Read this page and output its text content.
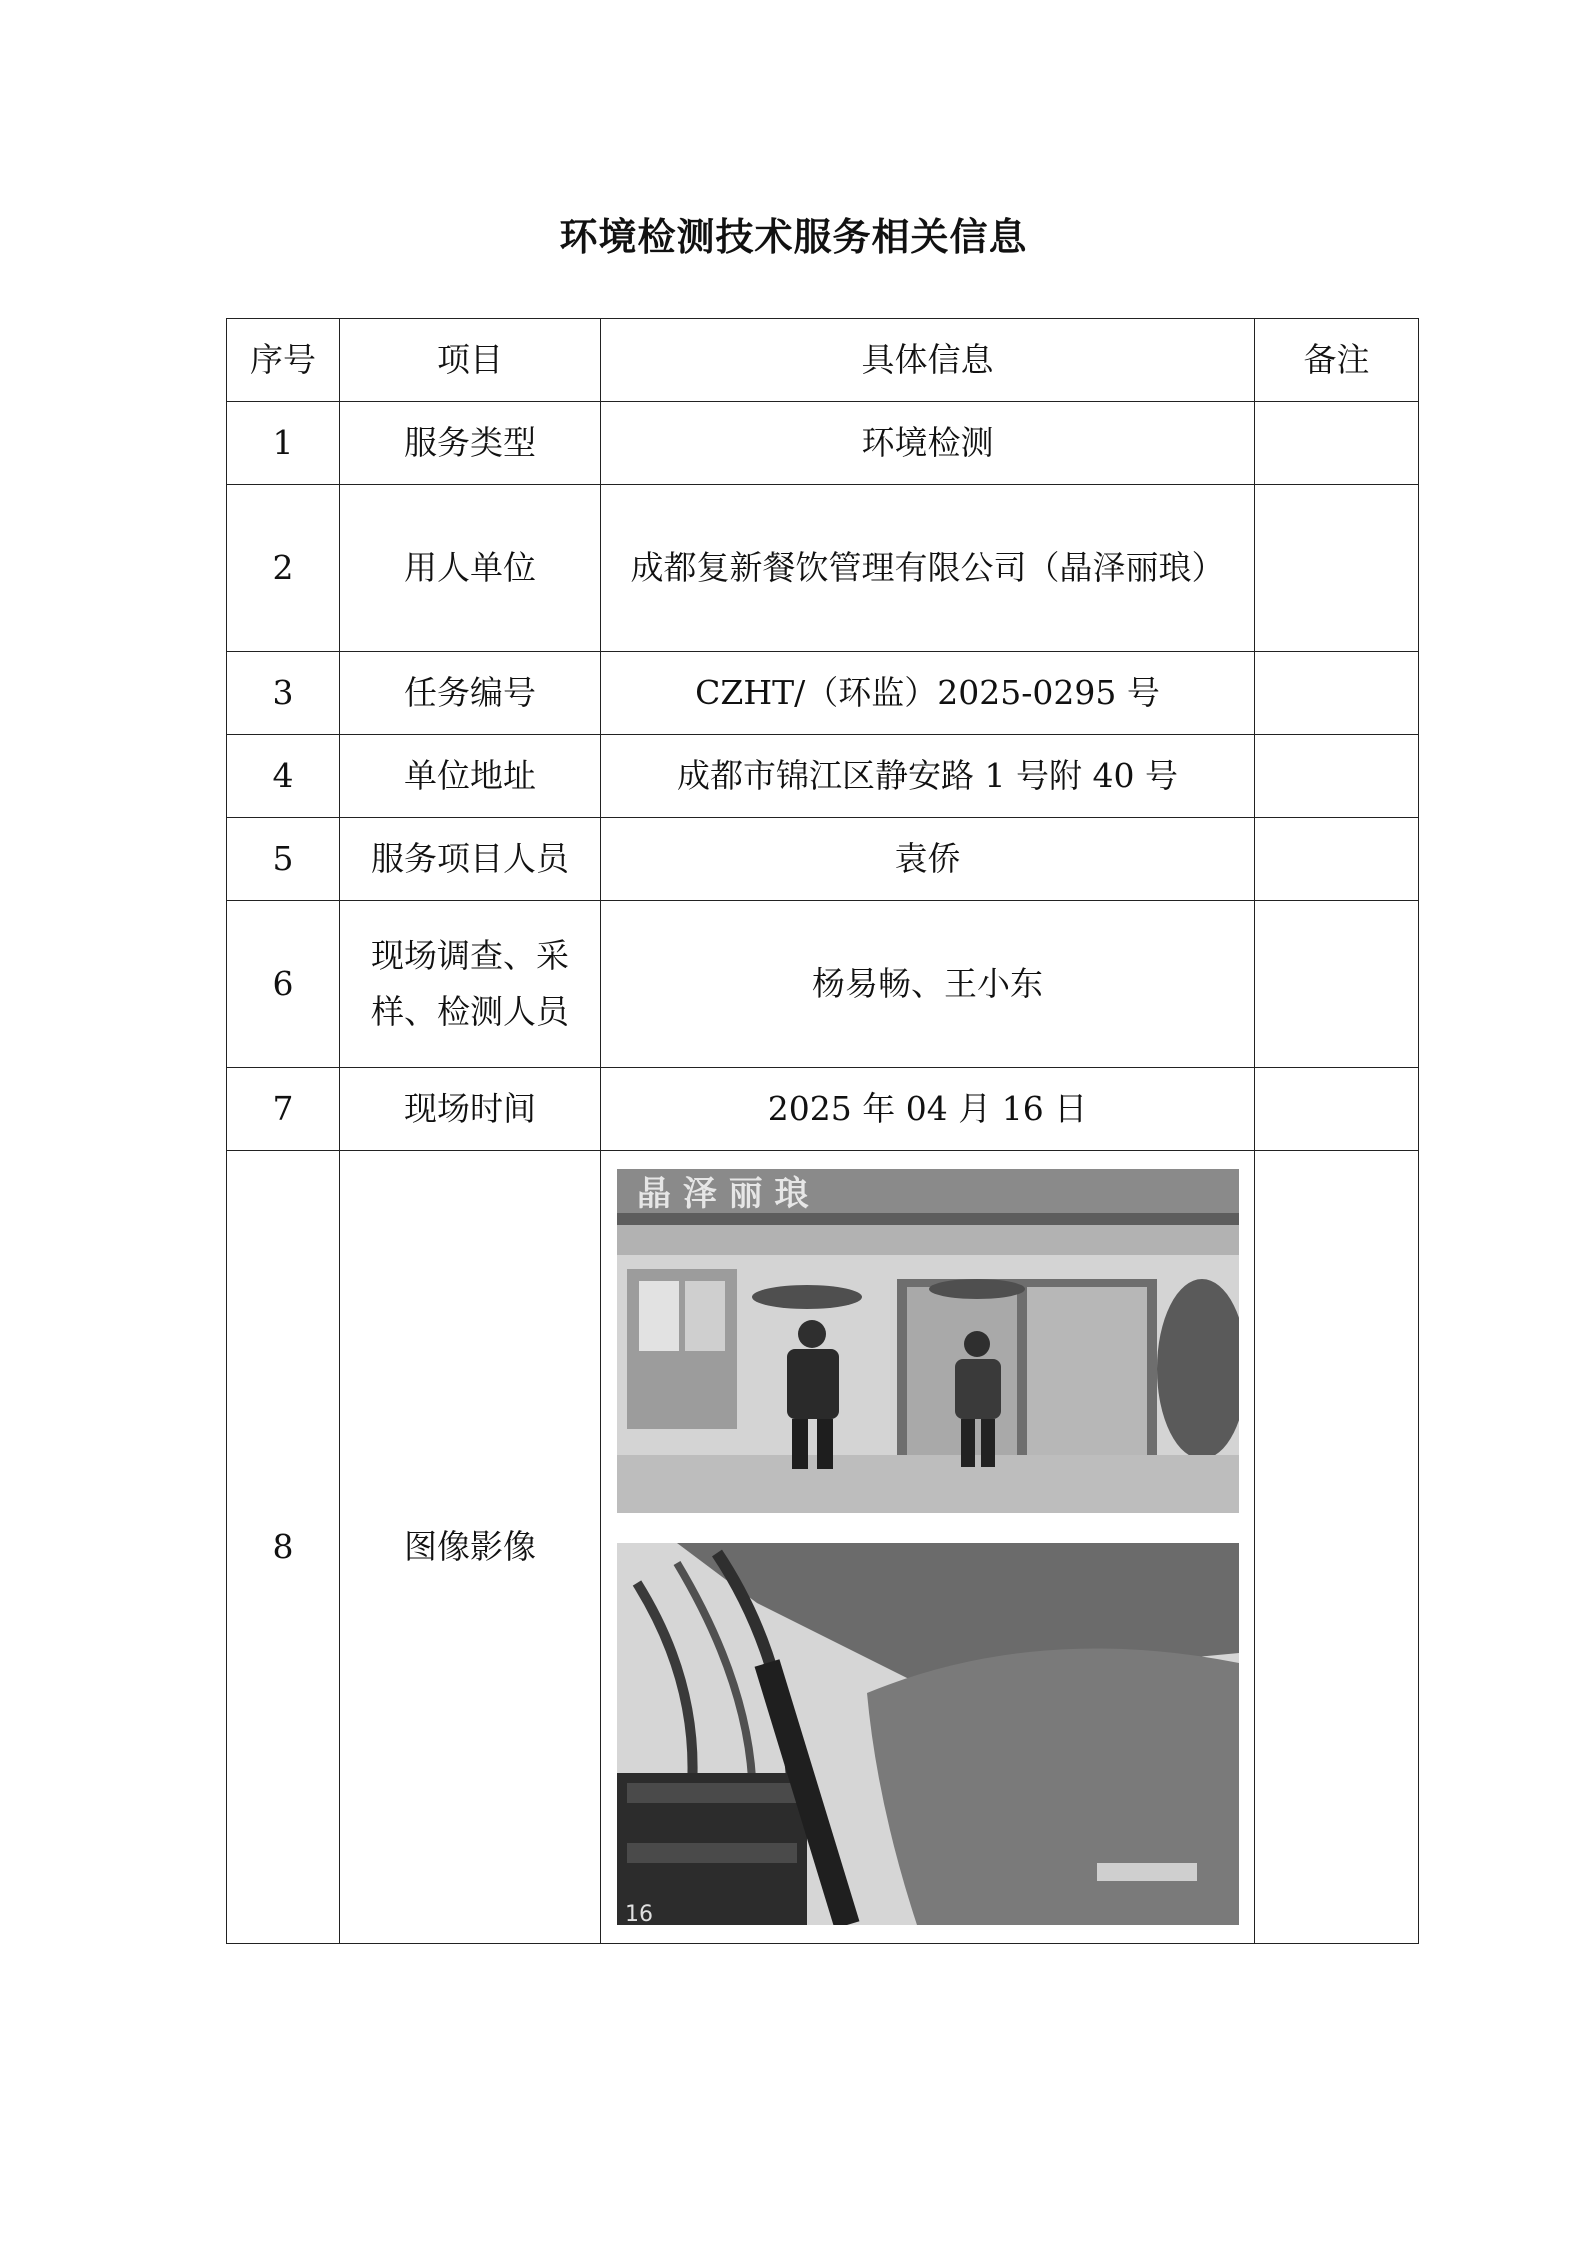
环境检测技术服务相关信息
序号	项目	具体信息	备注
1	服务类型	环境检测	
2	用人单位	成都复新餐饮管理有限公司（晶泽丽琅）	
3	任务编号	CZHT/（环监）2025-0295 号	
4	单位地址	成都市锦江区静安路 1 号附 40 号	
5	服务项目人员	袁侨	
6	现场调查、采样、检测人员	杨易畅、王小东	
7	现场时间	2025 年 04 月 16 日	
8	图像影像	晶 泽 丽 琅
16	
